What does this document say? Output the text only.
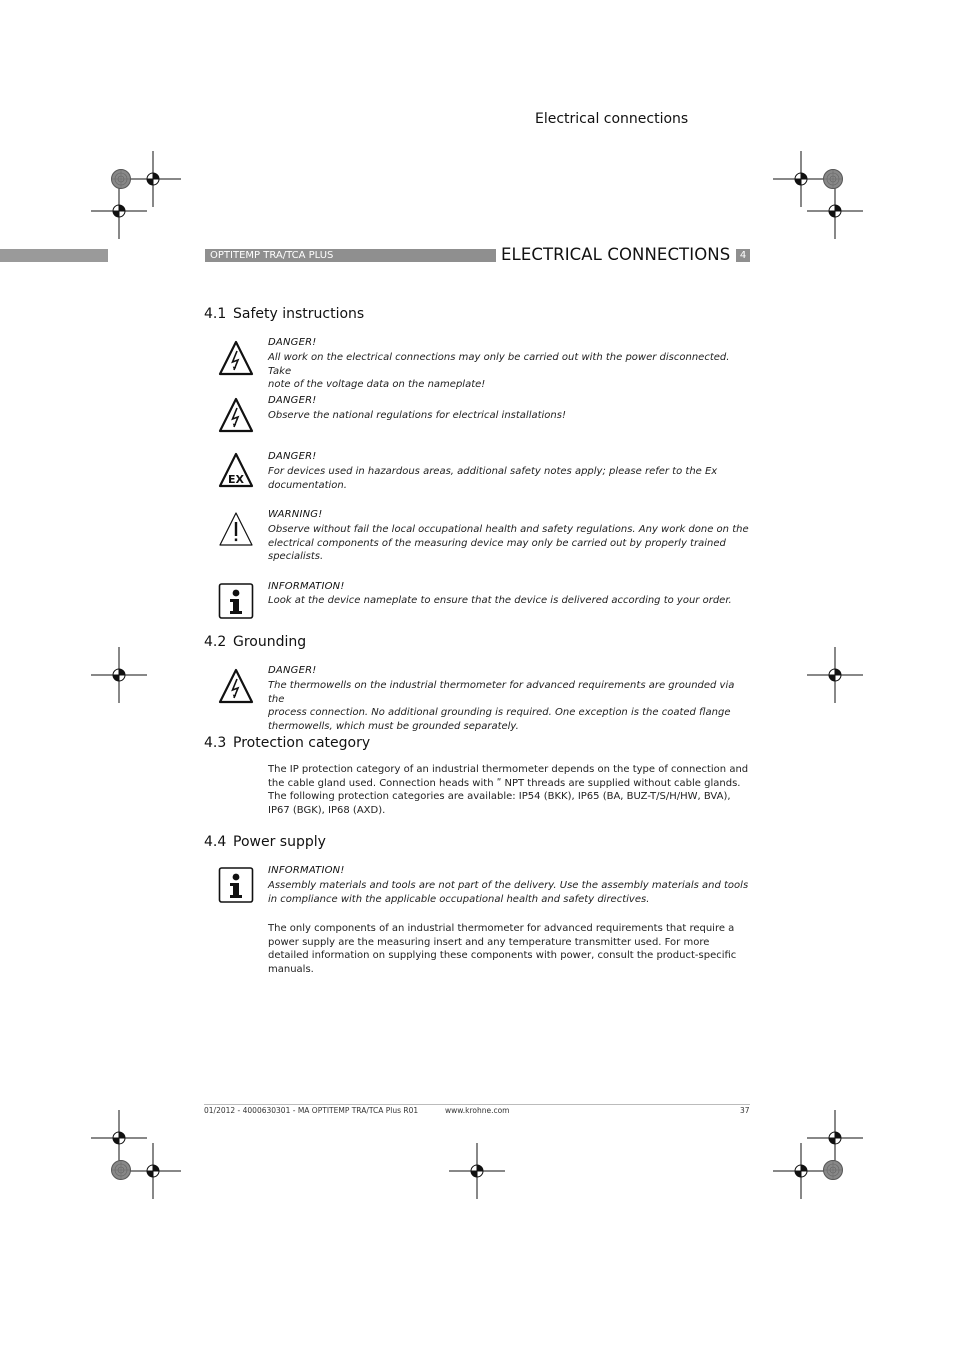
Electrical connections
OPTITEMP TRA/TCA PLUS	ELECTRICAL CONNECTIONS 4
4.1 Safety instructions
DANGER!
All work on the electrical connections may only be carried out with the power disconnected. Take
note of the voltage data on the nameplate!
DANGER!
Observe the national regulations for electrical installations!
EX
DANGER!
For devices used in hazardous areas, additional safety notes apply; please refer to the Ex
documentation.
WARNING!
Observe without fail the local occupational health and safety regulations. Any work done on the
electrical components of the measuring device may only be carried out by properly trained
specialists.
INFORMATION!
Look at the device nameplate to ensure that the device is delivered according to your order.
4.2 Grounding
DANGER!
The thermowells on the industrial thermometer for advanced requirements are grounded via the
process connection. No additional grounding is required. One exception is the coated flange
thermowells, which must be grounded separately.
4.3 Protection category
The IP protection category of an industrial thermometer depends on the type of connection and
the cable gland used. Connection heads with ʺ NPT threads are supplied without cable glands.
The following protection categories are available: IP54 (BKK), IP65 (BA, BUZ-T/S/H/HW, BVA),
IP67 (BGK), IP68 (AXD).
4.4 Power supply
INFORMATION!
Assembly materials and tools are not part of the delivery. Use the assembly materials and tools
in compliance with the applicable occupational health and safety directives.
The only components of an industrial thermometer for advanced requirements that require a
power supply are the measuring insert and any temperature transmitter used. For more
detailed information on supplying these components with power, consult the product-specific
manuals.
01/2012 - 4000630301 - MA OPTITEMP TRA/TCA Plus R01	www.krohne.com	37
